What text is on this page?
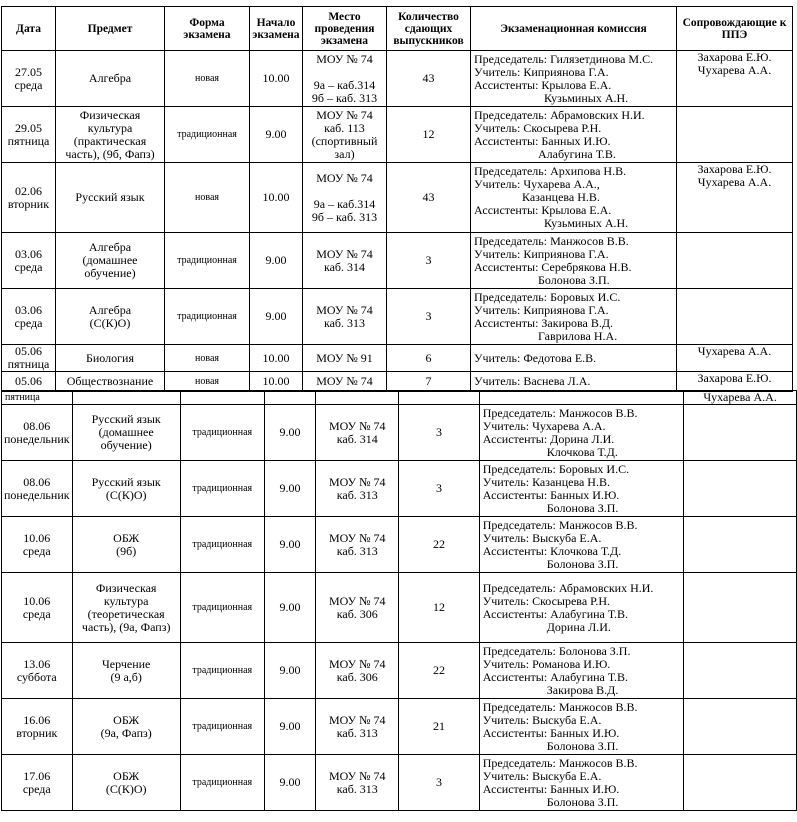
Дата	Предмет	Форма экзамена	Начало экзамена	Место проведения экзамена	Количество сдающих выпускников	Экзаменационная комиссия	Сопровождающие к ППЭ

27.05
среда	Алгебра	новая	10.00	МОУ № 74

9а – каб.314
9б – каб. 313	43	Председатель: Гилязетдинова М.С.
Учитель: Киприянова Г.А.
Ассистенты: Крылова Е.А.
Кузьминых А.Н.	Захарова Е.Ю.
Чухарева А.А.

29.05
пятница	Физическая
культура
(практическая
часть), (9б, Фапз)	традиционная	9.00	МОУ № 74
каб. 113
(спортивный
зал)	12	Председатель: Абрамовских Н.И.
Учитель: Скосырева Р.Н.
Ассистенты: Банных И.Ю.
Алабугина Т.В.	

02.06
вторник	Русский язык	новая	10.00	МОУ № 74

9а – каб.314
9б – каб. 313	43	Председатель: Архипова Н.В.
Учитель: Чухарева А.А.,
Казанцева Н.В.
Ассистенты: Крылова Е.А.
Кузьминых А.Н.	Захарова Е.Ю.
Чухарева А.А.

03.06
среда	Алгебра
(домашнее
обучение)	традиционная	9.00	МОУ № 74
каб. 314	3	Председатель: Манжосов В.В.
Учитель: Киприянова Г.А.
Ассистенты: Серебрякова Н.В.
Болонова З.П.	

03.06
среда	Алгебра
(С(К)О)	традиционная	9.00	МОУ № 74
каб. 313	3	Председатель: Боровых И.С.
Учитель: Киприянова Г.А.
Ассистенты: Закирова В.Д.
Гаврилова Н.А.	

05.06
пятница	Биология	новая	10.00	МОУ № 91	6	Учитель: Федотова Е.В.	Чухарева А.А.

05.06	Обществознание	новая	10.00	МОУ № 74	7	Учитель: Васнева Л.А.	Захарова Е.Ю.
пятница							Чухарева А.А.

08.06
понедельник	Русский язык
(домашнее
обучение)	традиционная	9.00	МОУ № 74
каб. 314	3	Председатель: Манжосов В.В.
Учитель: Чухарева А.А.
Ассистенты: Дорина Л.И.
Клочкова Т.Д.	

08.06
понедельник	Русский язык
(С(К)О)	традиционная	9.00	МОУ № 74
каб. 313	3	Председатель: Боровых И.С.
Учитель: Казанцева Н.В.
Ассистенты: Банных И.Ю.
Болонова З.П.	

10.06
среда	ОБЖ
(9б)	традиционная	9.00	МОУ № 74
каб. 313	22	Председатель: Манжосов В.В.
Учитель: Выскуба Е.А.
Ассистенты: Клочкова Т.Д.
Болонова З.П.	

10.06
среда	Физическая
культура
(теоретическая
часть), (9а, Фапз)	традиционная	9.00	МОУ № 74
каб. 306	12	Председатель: Абрамовских Н.И.
Учитель: Скосырева Р.Н.
Ассистенты: Алабугина Т.В.
Дорина Л.И.	

13.06
суббота	Черчение
(9 а,б)	традиционная	9.00	МОУ № 74
каб. 306	22	Председатель: Болонова З.П.
Учитель: Романова И.Ю.
Ассистенты: Алабугина Т.В.
Закирова В.Д.	

16.06
вторник	ОБЖ
(9а, Фапз)	традиционная	9.00	МОУ № 74
каб. 313	21	Председатель: Манжосов В.В.
Учитель: Выскуба Е.А.
Ассистенты: Банных И.Ю.
Болонова З.П.	

17.06
среда	ОБЖ
(С(К)О)	традиционная	9.00	МОУ № 74
каб. 313	3	Председатель: Манжосов В.В.
Учитель: Выскуба Е.А.
Ассистенты: Банных И.Ю.
Болонова З.П.	
